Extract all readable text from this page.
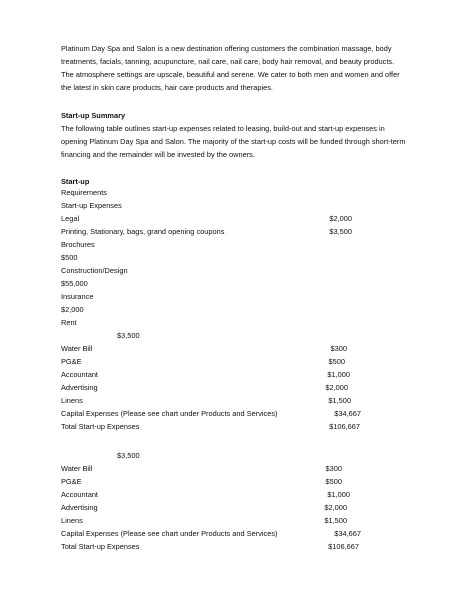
Platinum Day Spa and Salon is a new destination offering customers the combination massage, body
treatments, facials, tanning, acupuncture, nail care, nail care, body hair removal, and beauty products.
The atmosphere settings are upscale, beautiful and serene. We cater to both men and women and offer
the latest in skin care products, hair care products and therapies.
Start-up Summary
The following table outlines start-up expenses related to leasing, build-out and start-up expenses in
opening Platinum Day Spa and Salon. The majority of the start-up costs will be funded through short-term
financing and the remainder will be invested by the owners.
Start-up
Requirements
Start-up Expenses
Legal	$2,000
Printing, Stationary, bags, grand opening coupons	$3,500
Brochures
$500
Construction/Design
$55,000
Insurance
$2,000
Rent
$3,500
Water Bill	$300
PG&E	$500
Accountant	$1,000
Advertising	$2,000
Linens	$1,500
Capital Expenses (Please see chart under Products and Services)	$34,667
Total Start-up Expenses	$106,667
$3,500
Water Bill	$300
PG&E	$500
Accountant	$1,000
Advertising	$2,000
Linens	$1,500
Capital Expenses (Please see chart under Products and Services)	$34,667
Total Start-up Expenses	$106,667
